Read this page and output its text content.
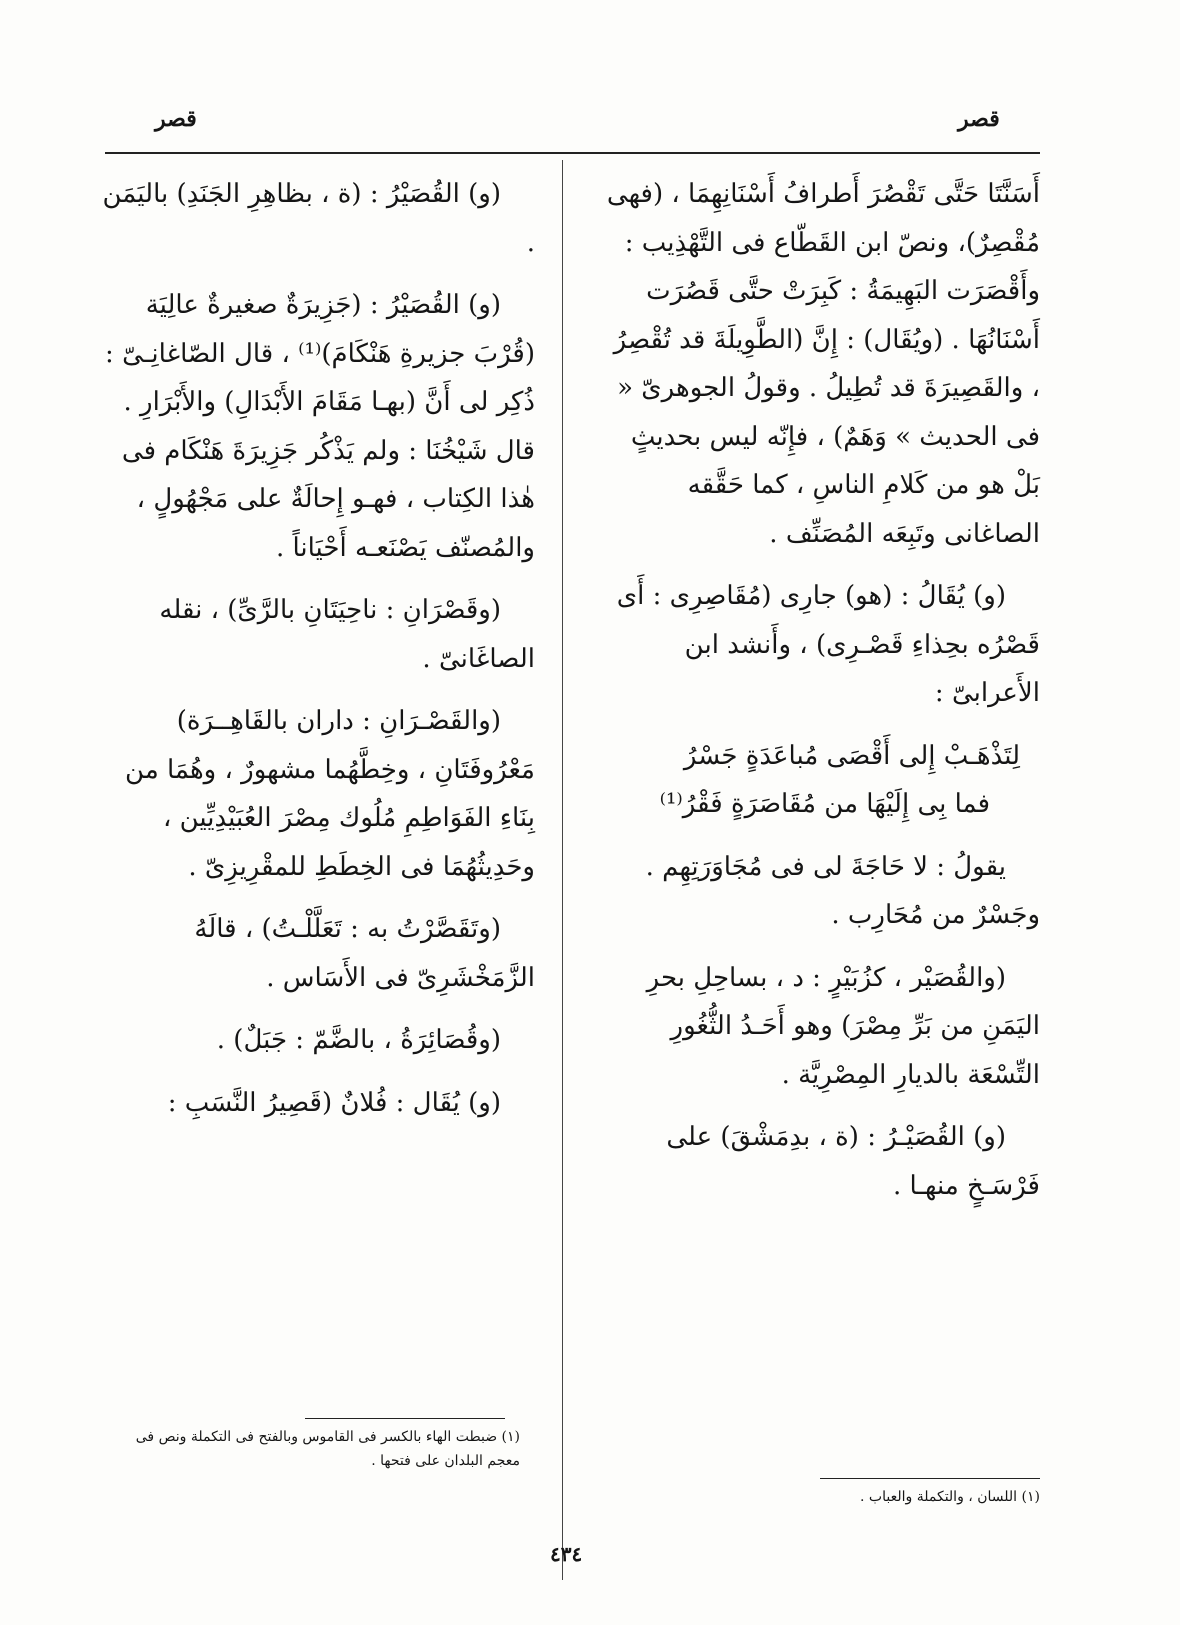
قصر
قصر

أَسَنَّتَا حَتَّى تَقْصُرَ أَطرافُ أَسْنَانِهِمَا ، (فهى مُقْصِرٌ)، ونصّ ابن القَطّاع فى التَّهْذِيب : وأَقْصَرَت البَهِيمَةُ : كَبِرَتْ حتَّى قَصُرَت أَسْنَانُهَا . (ويُقَال) : إِنَّ (الطَّوِيلَةَ قد تُقْصِرُ ، والقَصِيرَةَ قد تُطِيلُ . وقولُ الجوهرىّ « فى الحديث » وَهَمٌ) ، فإِنّه ليس بحديثٍ بَلْ هو من كَلامِ الناسِ ، كما حَقَّقه الصاغانى وتَبِعَه المُصَنِّف .

(و) يُقَالُ : (هو) جارِى (مُقَاصِرِى : أَى قَصْرُه بحِذاءِ قَصْـرِى) ، وأَنشد ابن الأَعرابىّ :

لِتَذْهَـبْ إِلى أَقْصَى مُباعَدَةٍ جَسْرُ

فما بِى إِلَيْهَا من مُقَاصَرَةٍ فَقْرُ⁽¹⁾

يقولُ : لا حَاجَةَ لى فى مُجَاوَرَتِهِم . وجَسْرٌ من مُحَارِب .

(والقُصَيْر ، كزُبَيْرٍ : د ، بساحِلِ بحرِ اليَمَنِ من بَرِّ مِصْرَ) وهو أَحَـدُ الثُّغُورِ التِّسْعَة بالديارِ المِصْرِيَّة .

(و) القُصَيْـرُ : (ة ، بدِمَشْقَ) على فَرْسَـخٍ منهـا .

(و) القُصَيْرُ : (ة ، بظاهِرِ الجَنَدِ) باليَمَن .

(و) القُصَيْرُ : (جَزِيرَةٌ صغيرةٌ عالِيَة (قُرْبَ جزيرةِ هَنْكَامَ)⁽¹⁾ ، قال الصّاغانِـىّ : ذُكِر لى أَنَّ (بهـا مَقَامَ الأَبْدَالِ) والأَبْرَارِ . قال شَيْخُنَا : ولم يَذْكُر جَزِيرَةَ هَنْكَام فى هٰذا الكِتاب ، فهـو إِحالَةٌ على مَجْهُولٍ ، والمُصنّف يَصْنَعـه أَحْيَاناً .

(وقَصْرَانِ : ناحِيَتَانِ بالرَّىِّ) ، نقله الصاغَانىّ .

(والقَصْـرَانِ : داران بالقَاهِــرَة) مَعْرُوفَتَانِ ، وخِطَّهُما مشهورٌ ، وهُمَا من بِنَاءِ الفَوَاطِمِ مُلُوك مِصْرَ العُبَيْدِيِّين ، وحَدِيثُهُمَا فى الخِطَطِ للمقْرِيزِىّ .

(وتَقَصَّرْتُ به : تَعَلَّلْـتُ) ، قالَهُ الزَّمَخْشَرِىّ فى الأَسَاس .

(وقُصَائِرَةُ ، بالضَّمّ : جَبَلٌ) .

(و) يُقَال : فُلانٌ (قَصِيرُ النَّسَبِ :

(١) اللسان ، والتكملة والعباب .
(١) ضبطت الهاء بالكسر فى القاموس وبالفتح فى التكملة ونص فى معجم البلدان على فتحها .
٤٣٤
